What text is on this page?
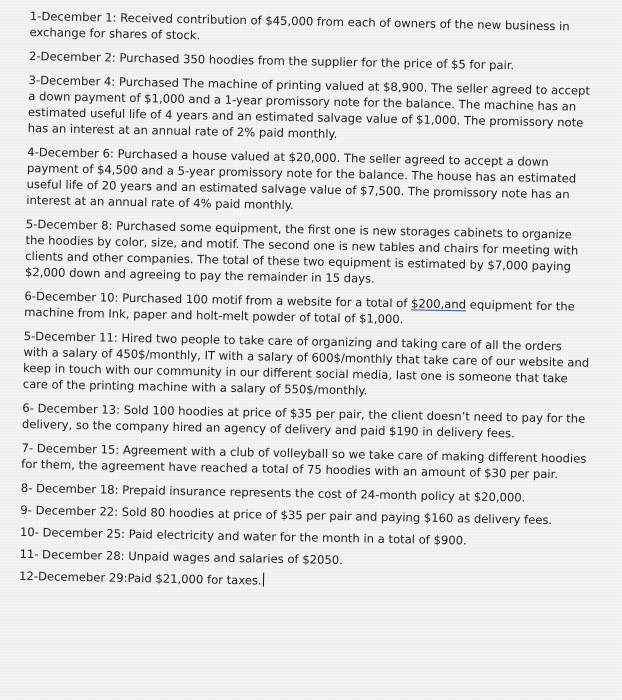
1-December 1: Received contribution of $45,000 from each of owners of the new business in exchange for shares of stock.

2-December 2: Purchased 350 hoodies from the supplier for the price of $5 for pair.

3-December 4: Purchased The machine of printing valued at $8,900. The seller agreed to accept a down payment of $1,000 and a 1-year promissory note for the balance. The machine has an estimated useful life of 4 years and an estimated salvage value of $1,000. The promissory note has an interest at an annual rate of 2% paid monthly.

4-December 6: Purchased a house valued at $20,000. The seller agreed to accept a down payment of $4,500 and a 5-year promissory note for the balance. The house has an estimated useful life of 20 years and an estimated salvage value of $7,500. The promissory note has an interest at an annual rate of 4% paid monthly.

5-December 8: Purchased some equipment, the first one is new storages cabinets to organize the hoodies by color, size, and motif. The second one is new tables and chairs for meeting with clients and other companies. The total of these two equipment is estimated by $7,000 paying $2,000 down and agreeing to pay the remainder in 15 days.

6-December 10: Purchased 100 motif from a website for a total of $200,and equipment for the machine from Ink, paper and holt-melt powder of total of $1,000.

5-December 11: Hired two people to take care of organizing and taking care of all the orders with a salary of 450$/monthly, IT with a salary of 600$/monthly that take care of our website and keep in touch with our community in our different social media, last one is someone that take care of the printing machine with a salary of 550$/monthly.

6- December 13: Sold 100 hoodies at price of $35 per pair, the client doesn’t need to pay for the delivery, so the company hired an agency of delivery and paid $190 in delivery fees.

7- December 15: Agreement with a club of volleyball so we take care of making different hoodies for them, the agreement have reached a total of 75 hoodies with an amount of $30 per pair.

8- December 18: Prepaid insurance represents the cost of 24-month policy at $20,000.

9- December 22: Sold 80 hoodies at price of $35 per pair and paying $160 as delivery fees.

10- December 25: Paid electricity and water for the month in a total of $900.

11- December 28: Unpaid wages and salaries of $2050.

12-Decemeber 29:Paid $21,000 for taxes.
